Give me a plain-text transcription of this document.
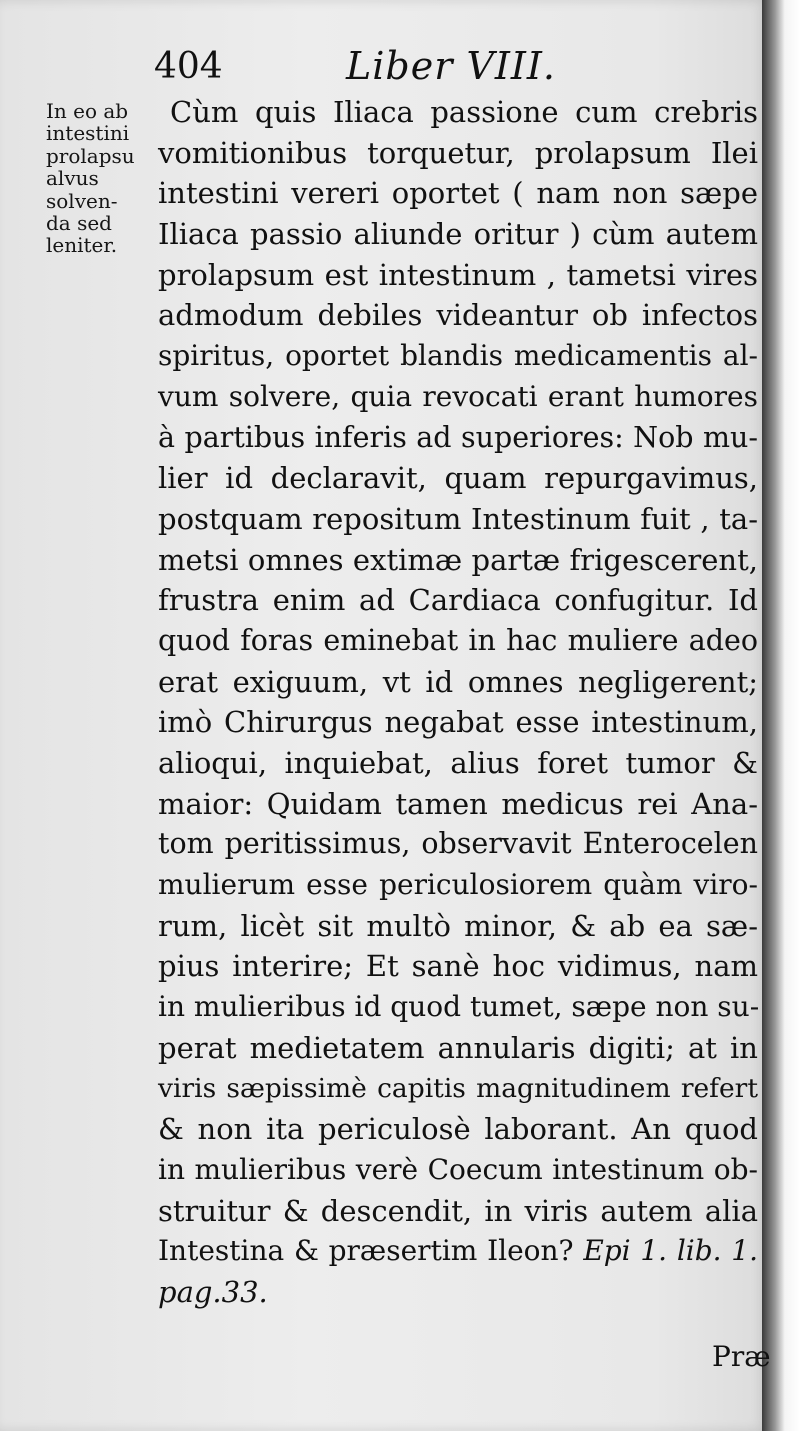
404	Liber VIII.
In eo ab
intestini
prolapsu
alvus
solven-
da sed
leniter.
Cùm quis Iliaca passione cum crebris
vomitionibus torquetur, prolapsum Ilei
intestini vereri oportet ( nam non sæpe
Iliaca passio aliunde oritur ) cùm autem
prolapsum est intestinum , tametsi vires
admodum debiles videantur ob infectos
spiritus, oportet blandis medicamentis al-
vum solvere, quia revocati erant humores
à partibus inferis ad superiores: Nob mu-
lier id declaravit, quam repurgavimus,
postquam repositum Intestinum fuit , ta-
metsi omnes extimæ partæ frigescerent,
frustra enim ad Cardiaca confugitur. Id
quod foras eminebat in hac muliere adeo
erat exiguum, vt id omnes negligerent;
imò Chirurgus negabat esse intestinum,
alioqui, inquiebat, alius foret tumor &
maior: Quidam tamen medicus rei Ana-
tom peritissimus, observavit Enterocelen
mulierum esse periculosiorem quàm viro-
rum, licèt sit multò minor, & ab ea sæ-
pius interire; Et sanè hoc vidimus, nam
in mulieribus id quod tumet, sæpe non su-
perat medietatem annularis digiti; at in
viris sæpissimè capitis magnitudinem refert
& non ita periculosè laborant. An quod
in mulieribus verè Coecum intestinum ob-
struitur & descendit, in viris autem alia
Intestina & præsertim Ileon? Epi 1. lib. 1.
pag.33.
Præ
